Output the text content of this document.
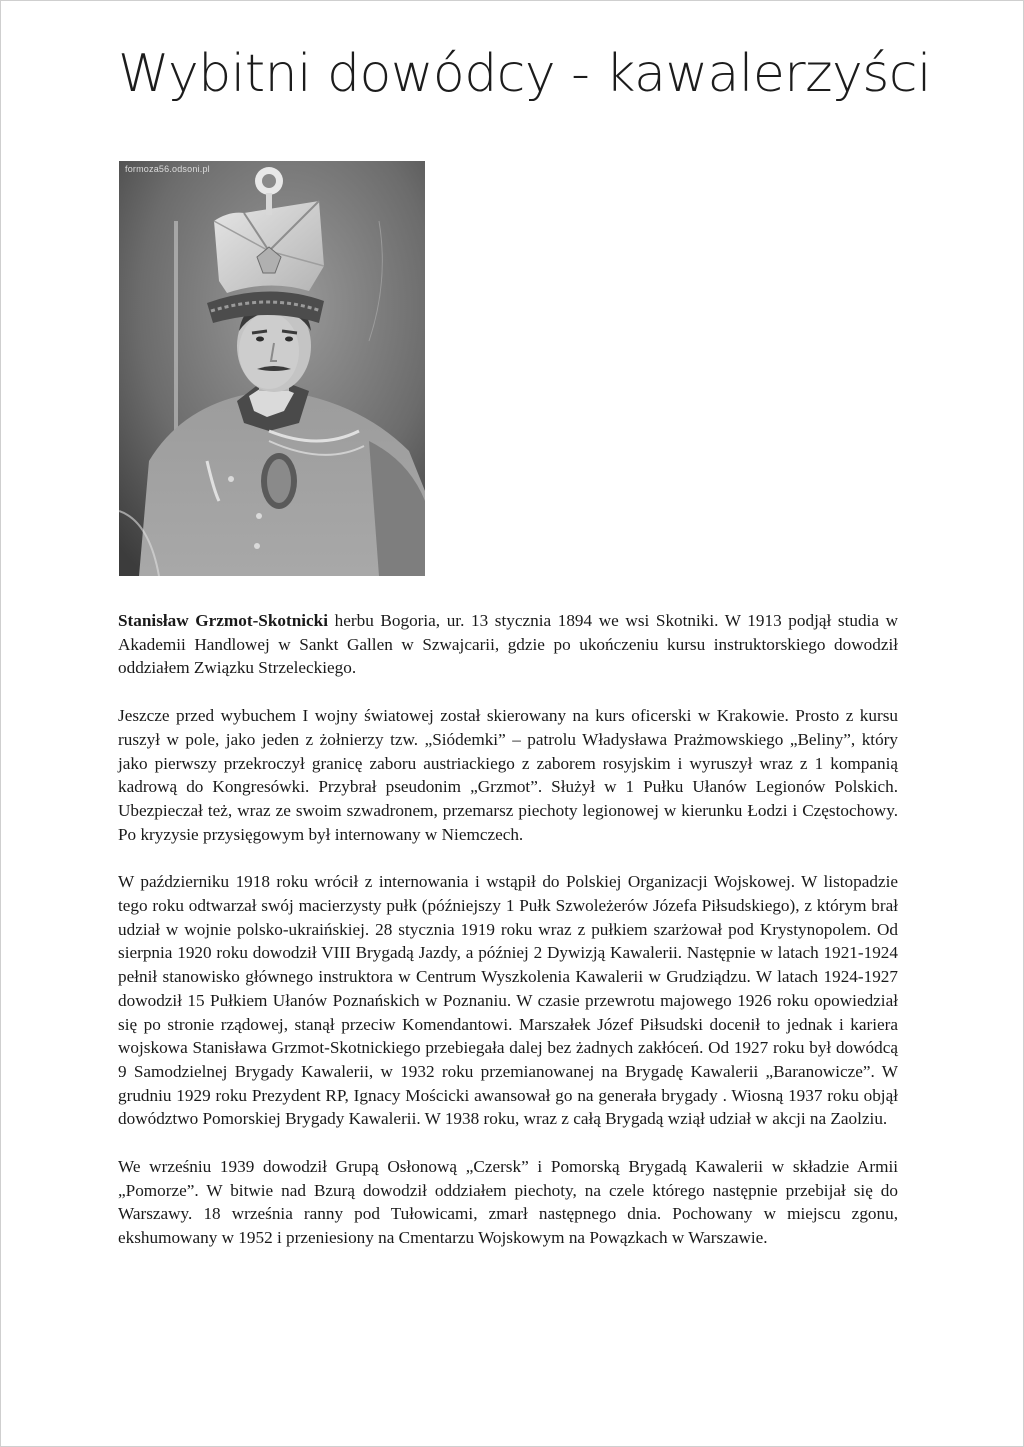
Wybitni dowódcy - kawalerzyści
formoza56.odsoni.pl

Stanisław Grzmot-Skotnicki herbu Bogoria, ur. 13 stycznia 1894 we wsi Skotniki. W 1913 podjął studia w Akademii Handlowej w Sankt Gallen w Szwajcarii, gdzie po ukończeniu kursu instruktorskiego dowodził oddziałem Związku Strzeleckiego.

Jeszcze przed wybuchem I wojny światowej został skierowany na kurs oficerski w Krakowie. Prosto z kursu ruszył w pole, jako jeden z żołnierzy tzw. „Siódemki” – patrolu Władysława Prażmowskiego „Beliny”, który jako pierwszy przekroczył granicę zaboru austriackiego z zaborem rosyjskim i wyruszył wraz z 1 kompanią kadrową do Kongresówki. Przybrał pseudonim „Grzmot”. Służył w 1 Pułku Ułanów Legionów Polskich. Ubezpieczał też, wraz ze swoim szwadronem, przemarsz piechoty legionowej w kierunku Łodzi i Częstochowy. Po kryzysie przysięgowym był internowany w Niemczech.

W październiku 1918 roku wrócił z internowania i wstąpił do Polskiej Organizacji Wojskowej. W listopadzie tego roku odtwarzał swój macierzysty pułk (późniejszy 1 Pułk Szwoleżerów Józefa Piłsudskiego), z którym brał udział w wojnie polsko-ukraińskiej. 28 stycznia 1919 roku wraz z pułkiem szarżował pod Krystynopolem. Od sierpnia 1920 roku dowodził VIII Brygadą Jazdy, a później 2 Dywizją Kawalerii. Następnie w latach 1921-1924 pełnił stanowisko głównego instruktora w Centrum Wyszkolenia Kawalerii w Grudziądzu. W latach 1924-1927 dowodził 15 Pułkiem Ułanów Poznańskich w Poznaniu. W czasie przewrotu majowego 1926 roku opowiedział się po stronie rządowej, stanął przeciw Komendantowi. Marszałek Józef Piłsudski docenił to jednak i kariera wojskowa Stanisława Grzmot-Skotnickiego przebiegała dalej bez żadnych zakłóceń. Od 1927 roku był dowódcą 9 Samodzielnej Brygady Kawalerii, w 1932 roku przemianowanej na Brygadę Kawalerii „Baranowicze”. W grudniu 1929 roku Prezydent RP, Ignacy Mościcki awansował go na generała brygady . Wiosną 1937 roku objął dowództwo Pomorskiej Brygady Kawalerii. W 1938 roku, wraz z całą Brygadą wziął udział w akcji na Zaolziu.

We wrześniu 1939 dowodził Grupą Osłonową „Czersk” i Pomorską Brygadą Kawalerii w składzie Armii „Pomorze”. W bitwie nad Bzurą dowodził oddziałem piechoty, na czele którego następnie przebijał się do Warszawy. 18 września ranny pod Tułowicami, zmarł następnego dnia. Pochowany w miejscu zgonu, ekshumowany w 1952 i przeniesiony na Cmentarzu Wojskowym na Powązkach w Warszawie.
